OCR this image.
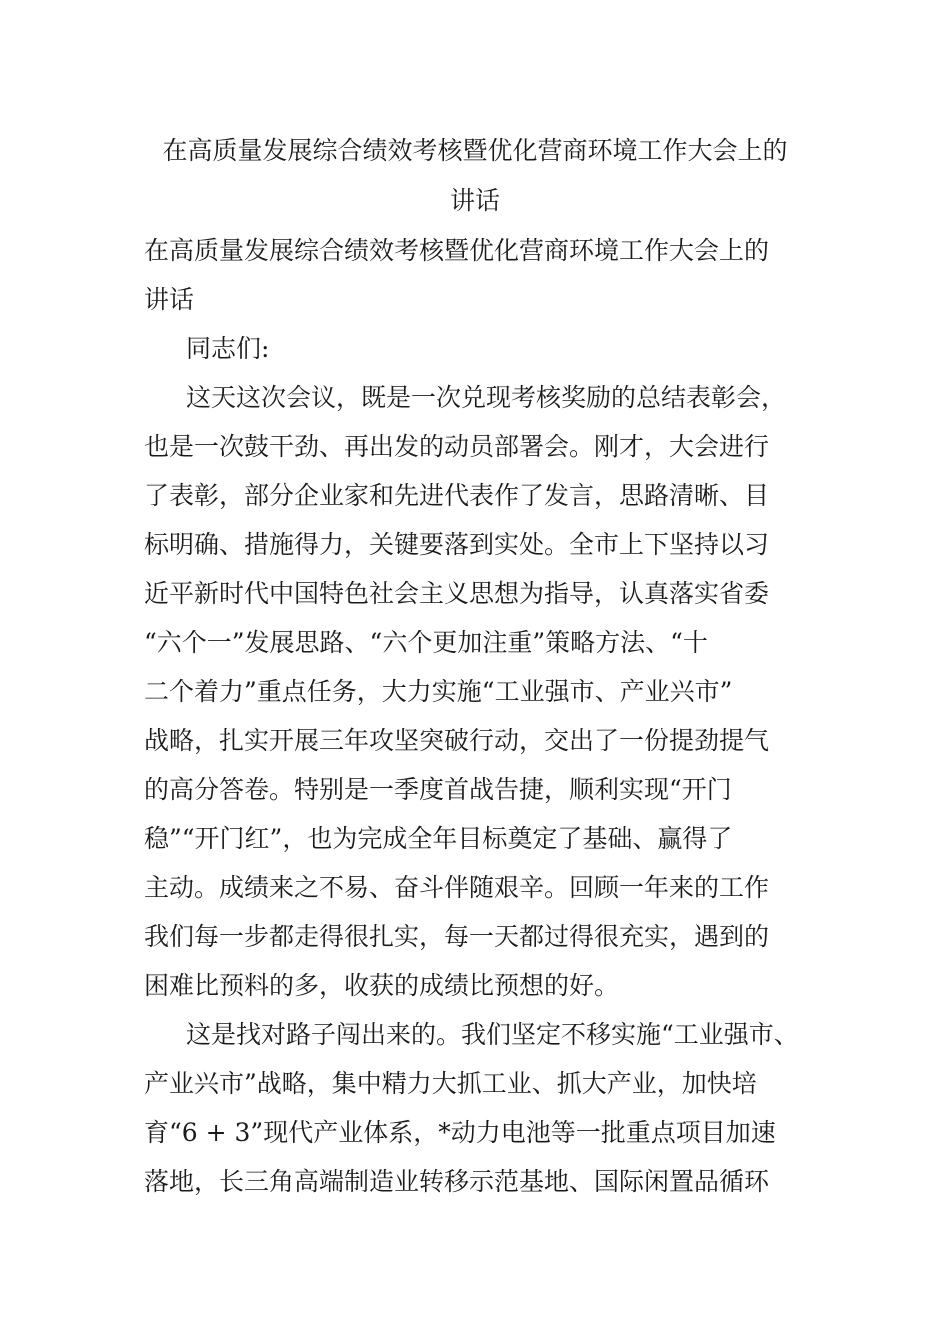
在高质量发展综合绩效考核暨优化营商环境工作大会上的
讲话

在高质量发展综合绩效考核暨优化营商环境工作大会上的

讲话

同志们:

这天这次会议，既是一次兑现考核奖励的总结表彰会，

也是一次鼓干劲、再出发的动员部署会。刚才，大会进行

了表彰，部分企业家和先进代表作了发言，思路清晰、目

标明确、措施得力，关键要落到实处。全市上下坚持以习

近平新时代中国特色社会主义思想为指导，认真落实省委

“六个一”发展思路、“六个更加注重”策略方法、“十

二个着力”重点任务，大力实施“工业强市、产业兴市”

战略，扎实开展三年攻坚突破行动，交出了一份提劲提气

的高分答卷。特别是一季度首战告捷，顺利实现“开门

稳”“开门红”，也为完成全年目标奠定了基础、赢得了

主动。成绩来之不易、奋斗伴随艰辛。回顾一年来的工作

我们每一步都走得很扎实，每一天都过得很充实，遇到的

困难比预料的多，收获的成绩比预想的好。

这是找对路子闯出来的。我们坚定不移实施“工业强市、

产业兴市”战略，集中精力大抓工业、抓大产业，加快培

育“6 + 3”现代产业体系，*动力电池等一批重点项目加速

落地，长三角高端制造业转移示范基地、国际闲置品循环
